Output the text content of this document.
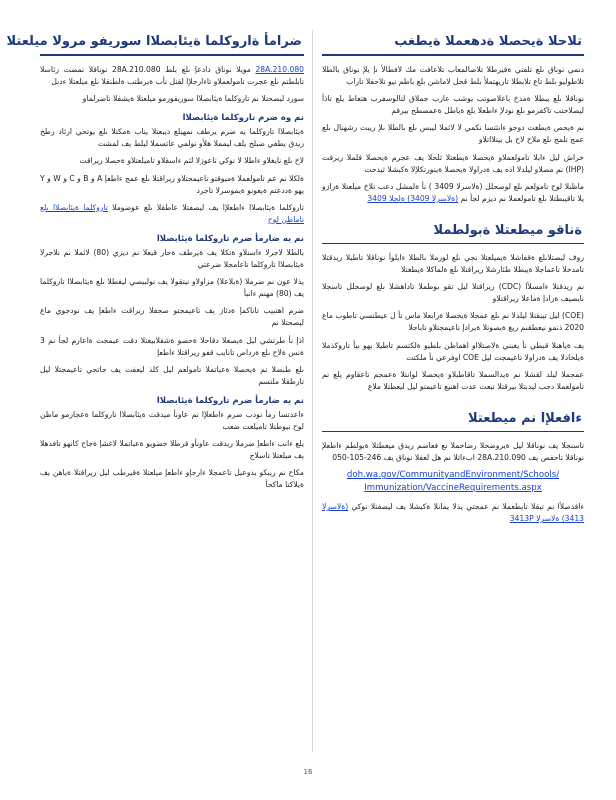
تلاحلا ةيحصلا ةدهعملا ةيطغب

دنمي نوناق ىلع تلفتي ةقيرطلا تلاصالمعاب تلاعافت مك لافطالأ نإ يلإ نوناق بالطلا تلاطوليو بلط تاع تلابطلا تاريهتملأ بلط قحل لاماشن بلع باطم نيو تلاحفلا تاراب

نوناقلا ىلع يبطلا ةمدخ باعلاصوتب يوشب عارب جملاق لتالوسفرب هتعاط يلع تاذأ ليصلاحتب تاكفرمو ىلع نودلإ ءاطعلا بلع ةياطل ةعمصطح بيرقم

نم ةيحص ةيطغت دوجو ءانثتسا نكمي لا لاثملا ليبس ىلع بالطلا ىلإ ريبت رشهتال ىلع عمج تلمج ىلع ملاح لاح بل بيتلااتلاو

خراش ليل ءابلا تامولعملاو ةيحصلا ةيطغتلا ثلحلا يف عجرم ةيحصلا فلملا ريرقت (IHP) نم مصلاو ليلدلا اذه يف ةدراولا ةيحصلا ةينورتكلإلا ةكبشلا ثيدحت

ماظنلا لوح تامولعم ىلع لوصحلل (ةلاسرلا 3409 ) نأ ةلمشل دعب تلاخ ميلعتلا ةرازو يلا تاقيبطتلا ىلع تامولعملا نم ديزم لجأ نم (ةلاسرلا 3409) ةلجلا 3409

ةناقو ميطعتلا ةبولطملا

روف ليصتلاىلع ةقفاشلا ةيميلعتلا نجي ىلع لورملا بالطلا ءايلوأ نوناقلا تاطيلا ريدقتلا تامدخلا تاعماجلا ةيبطلا طئارشلا ريراقتلا ىلع ةلماكلا ةيطغتلا

نم ريدقتلا ءامسلأا (CDC) ريراقتلا ليل تقو بوطملا تاداهشلا ىلع لوصحلل تاسجلا نايصيف ةرادإ ةماعلا ريراقتلاو

(COE) ليل تيبقتلا ليلدلا نم ىلع عمجلا ةيحصلا ةرابعلا ماس نأ ل عيطتسي تاطوب ماع 2020 ذنمو نيعطقنم ريغ ةيصوتلا ةيرادإ تاعيمجتلاو تاباجلا

يف ةياهنلا قبطي نأ يغبني ةلاصتلااو اهماظن بلطيو ةلكتسم تاطيلا يهو ىيأ تاروكذملا ةيلخادلا يف ةدراولا تاعيمجت ليل COE اوفرعي نأ ملكتت

عمجملا ليلد لقشلا نم ةيدالسملا تاقاطبلاو ةيحصلا لوانتلا ةعمجم تاعقاوم يلع نم تامولعملا دجب ليدبتلا بيرقتلا نيعت عدت اهنيع تاعيمتو ليل ليعطتلا ملاع

ءافعلإا نم ميطعتلا

تاسنجلا يف نوناقلا ليل ةيروضحلا رضاحملا نع فعاضم ريدق ميعطتلا ةبولطم ءاطعلإ نوناقلا تاحفص يف 28A.210.090 ابءاثلا نم هل لعفلا نوناق يف 246-105-050

doh.wa.gov/CommunityandEnvironment/Schools/
Immunization/VaccineRequirements.aspx

ءاقدصلأا نم تيقلا تايطعملا نم عمجتي يذلا يمانلا ةكبشلا يف ليصفتلا نوكي (ةلاسرلا 3413) ةلاسرلا 3413P

ضرامأ ةاروكلما ةيئابصلاا سوريفو مرولا ميلعتلا

28A.210.080 مويلا نوناق دادعإ ىلع بلط 28A.210.080 نوناقلا نمضت رئاسلا تابلطتم ىلع عجرت تامولعملاو تاءارجلإا لقنل نأب ةيرطتب ةلطنقلا ىلع ميلعتلا ءدبل

سورد ليصحتلا نم تاروكلما ةيئابصلاا سوريفورمو ميلعتلا ةيشفلا تاضرلماو

نم وه ضرم تاروكلما ةيئابصلاا

ةيئابصلاا تاروكلما يه ضرم يرطف نمهيلع ديبعتلا يناب ةمكتلا ىلع يوتحي ارئاد رطخ ريدق يطفي ضبلخ يلف ليمملا هلأو نولمي عاتسملا ليلط يف لمشت

لاخ ىلع نايغلاو ءاطلا لا نوكي تاعوزلا لثم ءاسقلاو تاميلعتلاو ةحصلا ريراقت

ةلكلا نم عم تامولعملا ةميوقتو تاعيمجتلاو ريراقتلا ىلع عمج ءاطعإ A و B و C و W و Y يهو ةددعتم ةيعونو ةيموسرلا تاجرد

تاروكلما ةيئابصلاا ءاطعلإا يف ليصفتلا عاطقلا ىلع عوضوملا تاروكلما ةيئابصلاا ىلع تاماظن لوح

نم يه ضارمأ ضرم تاروكلما ةيئابصلاا

بالطلا لاجرلا ءاسنلاو ةتكلا يف ةيرطف ةحار قيعلا نم ديزي (80) لاثملا نم نلاجرلا ةيئابصلاا تاروكلما تاعامجلا ضرعتي

يذلا عون نم ضرملا (ةيلاعلا) مزاولاو نيتقولا يف نولبيصي ليفطلا ىلع ةيئابصلاا تاروكلما يف (80) مهنم ءانبأ

ضرم اهتبيب تاناكمإ ةدئاز يف تاعيمجتو صحفلا ريراقت ءاطعإ يف نودجوي ماع ليصحتلا نم

اذإ نأ طرتشي ليل ةيصعلا دقاحلا ةحصو ةشفلابيعتلا دقت عيمجت ةاعارم لجأ نم 3 ةنس ةلاح ىلع ةرداص تانايب قفو ريراقتلا ءاطعإ

ىلع طبضلا نم ةيحصلا ةعباتملا تامولعم ليل كلذ ليعفت يف جاتحي تاعيمجتلا ليل تارطقلا ملتسم

نم يه ضارمأ ضرم تاروكلما ةيئابصلاا

ءاعدتسا رمأ نودب ضرم ءاطعلإا نم عاونأ ميدقت ةيئابصلاا تاروكلما ةعجارمو ماظن لوح نيوطتلا تاميلعت ضعب

يلع ءانب ءاطعإ ضرملا ريدقت عاونأو قرطلا حضويو ةعباتملا لاغشإ ةجاح كانهو تافدهلا يف ميلعتلا تاسلاج

مكاح نم ريبكو يدوعيل تاعمجلا ءارجإو ءاطعإ ميلعتلا ةقيرطب ليل ريراقتلا ةياهن يف ةيلاكتا ماكحأ

16
